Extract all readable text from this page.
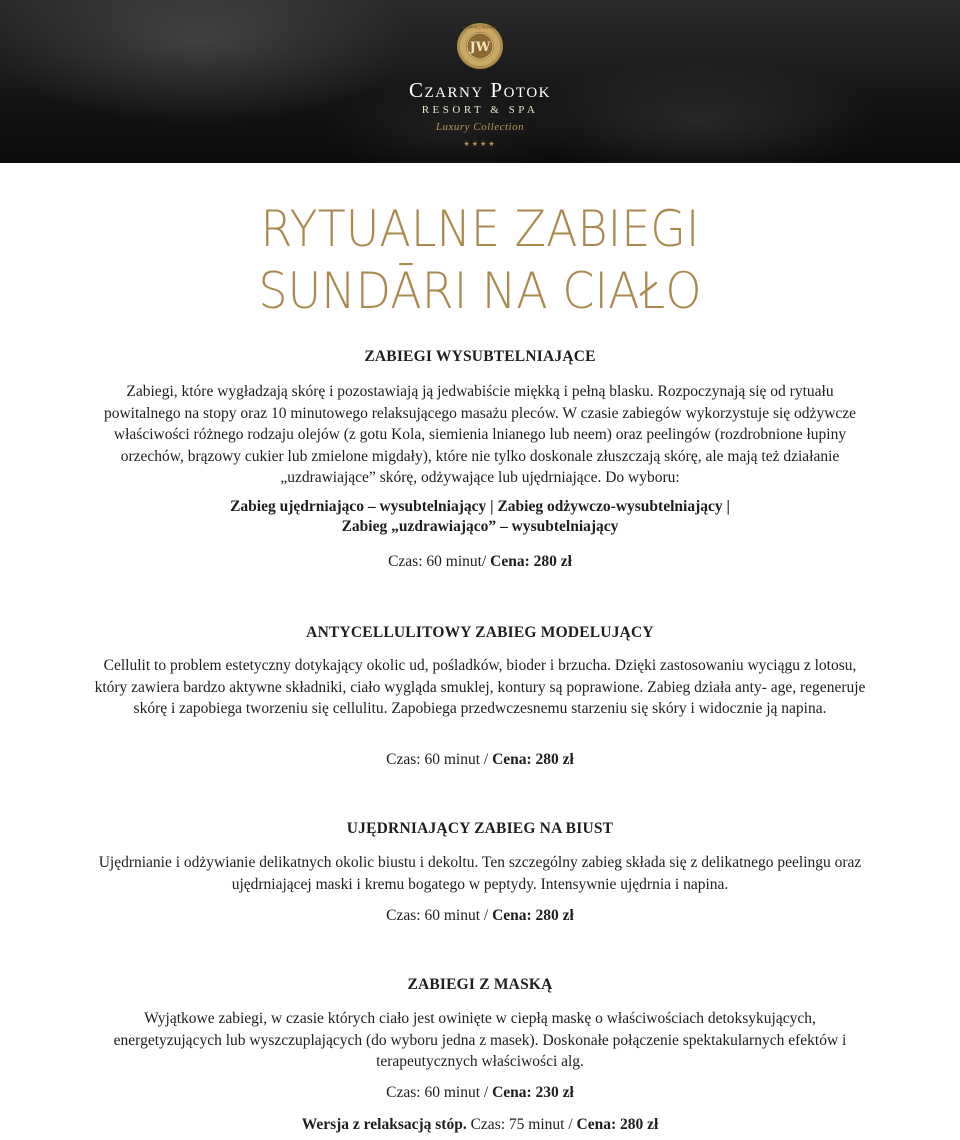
JW
JW HOTELS RESORTS
Czarny Potok
RESORT & SPA
Luxury Collection
★★★★
RYTUALNE ZABIEGI
SUNDĀRI NA CIAŁO
ZABIEGI WYSUBTELNIAJĄCE
Zabiegi, które wygładzają skórę i pozostawiają ją jedwabiście miękką i pełną blasku. Rozpoczynają się od rytuału powitalnego na stopy oraz 10 minutowego relaksującego masażu pleców. W czasie zabiegów wykorzystuje się odżywcze właściwości różnego rodzaju olejów (z gotu Kola, siemienia lnianego lub neem) oraz peelingów (rozdrobnione łupiny orzechów, brązowy cukier lub zmielone migdały), które nie tylko doskonale złuszczają skórę, ale mają też działanie „uzdrawiające” skórę, odżywające lub ujędrniające. Do wyboru:
Zabieg ujędrniająco – wysubtelniający | Zabieg odżywczo-wysubtelniający |
Zabieg „uzdrawiająco” – wysubtelniający
Czas: 60 minut/ Cena: 280 zł
ANTYCELLULITOWY ZABIEG MODELUJĄCY
Cellulit to problem estetyczny dotykający okolic ud, pośladków, bioder i brzucha. Dzięki zastosowaniu wyciągu z lotosu, który zawiera bardzo aktywne składniki, ciało wygląda smuklej, kontury są poprawione. Zabieg działa anty- age, regeneruje skórę i zapobiega tworzeniu się cellulitu. Zapobiega przedwczesnemu starzeniu się skóry i widocznie ją napina.
Czas: 60 minut / Cena: 280 zł
UJĘDRNIAJĄCY ZABIEG NA BIUST
Ujędrnianie i odżywianie delikatnych okolic biustu i dekoltu. Ten szczególny zabieg składa się z delikatnego peelingu oraz ujędrniającej maski i kremu bogatego w peptydy. Intensywnie ujędrnia i napina.
Czas: 60 minut / Cena: 280 zł
ZABIEGI Z MASKĄ
Wyjątkowe zabiegi, w czasie których ciało jest owinięte w ciepłą maskę o właściwościach detoksykujących, energetyzujących lub wyszczuplających (do wyboru jedna z masek). Doskonałe połączenie spektakularnych efektów i terapeutycznych właściwości alg.
Czas: 60 minut / Cena: 230 zł
Wersja z relaksacją stóp. Czas: 75 minut / Cena: 280 zł
